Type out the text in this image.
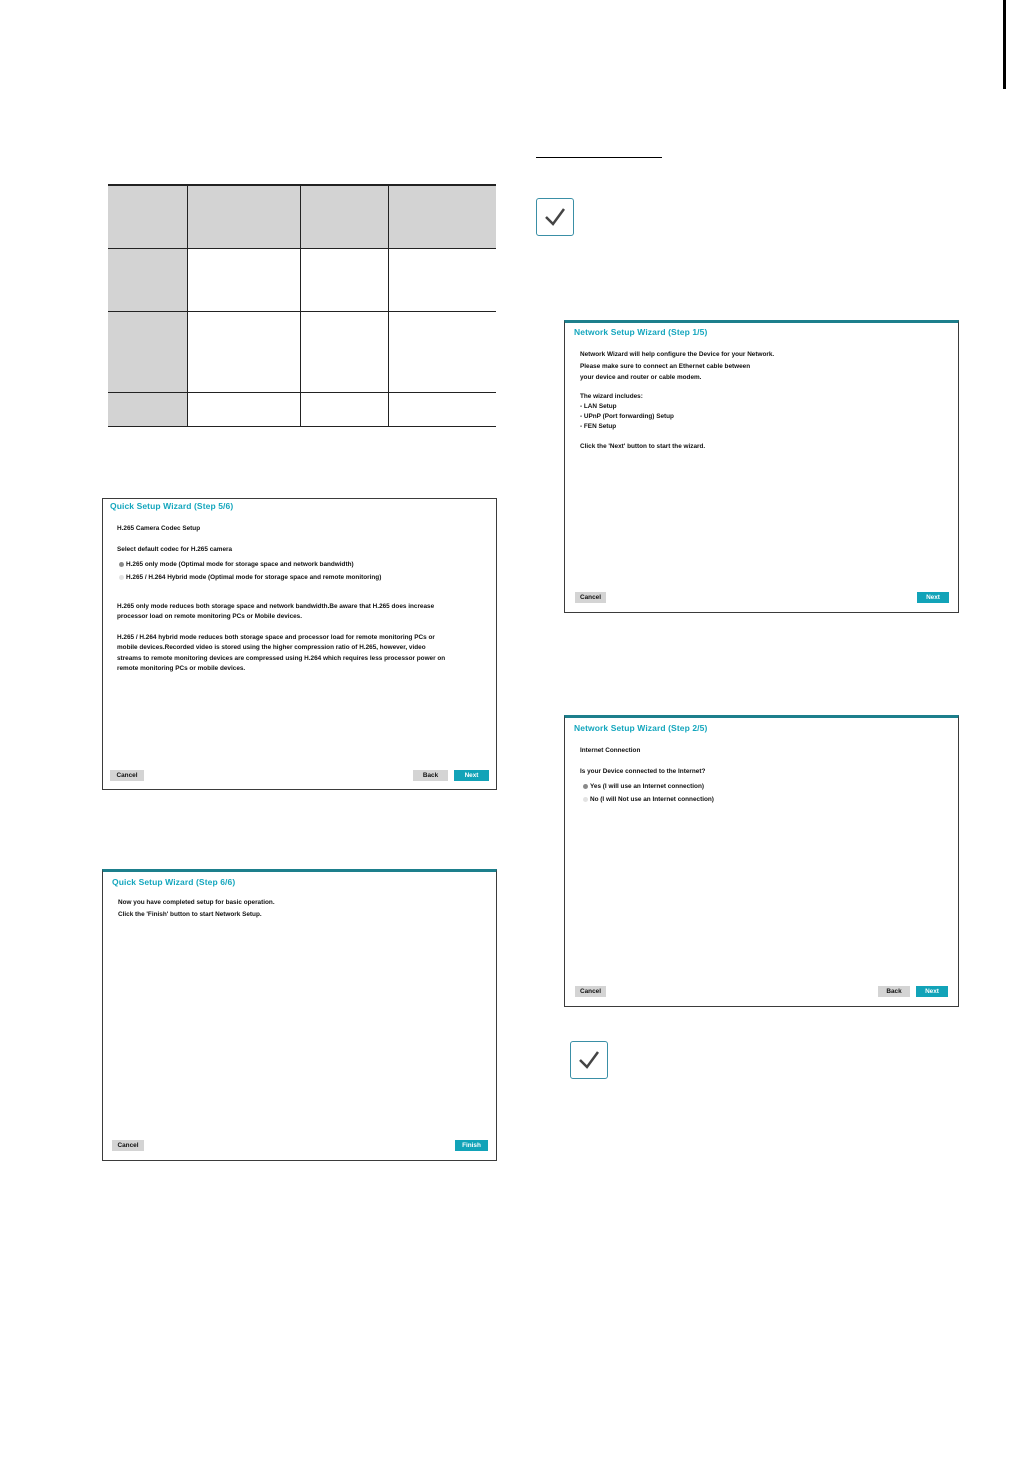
Quick Setup Wizard (Step 5/6)
H.265 Camera Codec Setup
Select default codec for H.265 camera
H.265 only mode (Optimal mode for storage space and network bandwidth)
H.265 / H.264 Hybrid mode (Optimal mode for storage space and remote monitoring)
H.265 only mode reduces both storage space and network bandwidth.Be aware that H.265 does increase
processor load on remote monitoring PCs or Mobile devices.
H.265 / H.264 hybrid mode reduces both storage space and processor load for remote monitoring PCs or
mobile devices.Recorded video is stored using the higher compression ratio of H.265, however, video
streams to remote monitoring devices are compressed using H.264 which requires less processor power on
remote monitoring PCs or mobile devices.
Cancel	Back	Next
Quick Setup Wizard (Step 6/6)
Now you have completed setup for basic operation.
Click the 'Finish' button to start Network Setup.
Cancel	Finish
Network Setup Wizard (Step 1/5)
Network Wizard will help configure the Device for your Network.
Please make sure to connect an Ethernet cable between
your device and router or cable modem.
The wizard includes:
- LAN Setup
- UPnP (Port forwarding) Setup
- FEN Setup
Click the 'Next' button to start the wizard.
Cancel	Next
Network Setup Wizard (Step 2/5)
Internet Connection
Is your Device connected to the Internet?
Yes (I will use an Internet connection)
No (I will Not use an Internet connection)
Cancel	Back	Next
